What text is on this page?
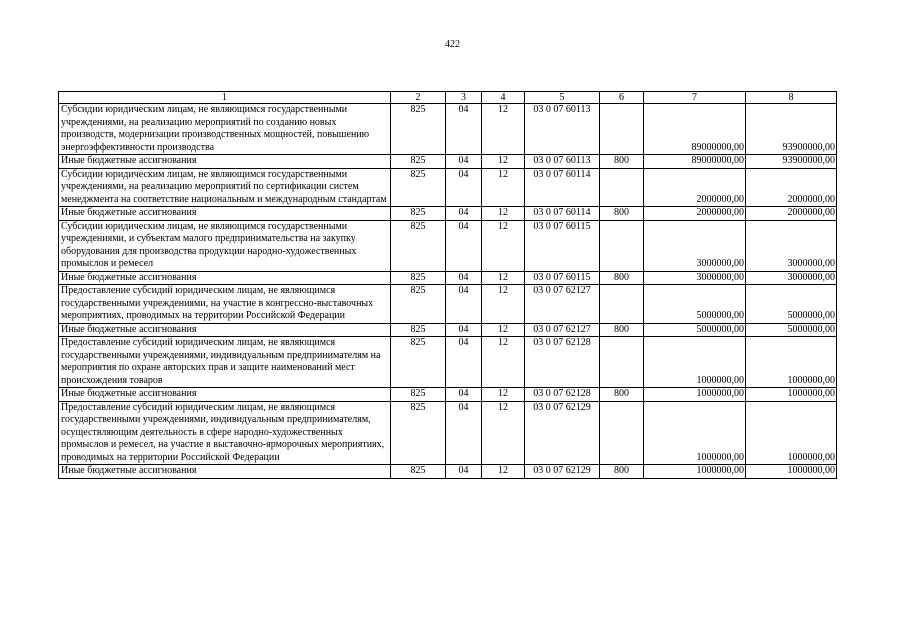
422
1	2	3	4	5	6	7	8
Субсидии юридическим лицам, не являющимся государственными учреждениями, на реализацию мероприятий по созданию новых производств, модернизации производственных мощностей, повышению энергоэффективности производства	825	04	12	03 0 07 60113		89000000,00	93900000,00
Иные бюджетные ассигнования	825	04	12	03 0 07 60113	800	89000000,00	93900000,00
Субсидии юридическим лицам, не являющимся государственными учреждениями, на реализацию мероприятий по сертификации систем менеджмента на соответствие национальным и международным стандартам	825	04	12	03 0 07 60114		2000000,00	2000000,00
Иные бюджетные ассигнования	825	04	12	03 0 07 60114	800	2000000,00	2000000,00
Субсидии юридическим лицам, не являющимся государственными учреждениями, и субъектам малого предпринимательства на закупку оборудования для производства продукции народно-художественных промыслов и ремесел	825	04	12	03 0 07 60115		3000000,00	3000000,00
Иные бюджетные ассигнования	825	04	12	03 0 07 60115	800	3000000,00	3000000,00
Предоставление субсидий юридическим лицам, не являющимся государственными учреждениями, на участие в конгрессно-выставочных мероприятиях, проводимых на территории Российской Федерации	825	04	12	03 0 07 62127		5000000,00	5000000,00
Иные бюджетные ассигнования	825	04	12	03 0 07 62127	800	5000000,00	5000000,00
Предоставление субсидий юридическим лицам, не являющимся государственными учреждениями, индивидуальным предпринимателям на мероприятия по охране авторских прав и защите наименований мест происхождения товаров	825	04	12	03 0 07 62128		1000000,00	1000000,00
Иные бюджетные ассигнования	825	04	12	03 0 07 62128	800	1000000,00	1000000,00
Предоставление субсидий юридическим лицам, не являющимся государственными учреждениями, индивидуальным предпринимателям, осуществляющим деятельность в сфере народно-художественных промыслов и ремесел, на участие в выставочно-ярморочных мероприятиях, проводимых на территории Российской Федерации	825	04	12	03 0 07 62129		1000000,00	1000000,00
Иные бюджетные ассигнования	825	04	12	03 0 07 62129	800	1000000,00	1000000,00
